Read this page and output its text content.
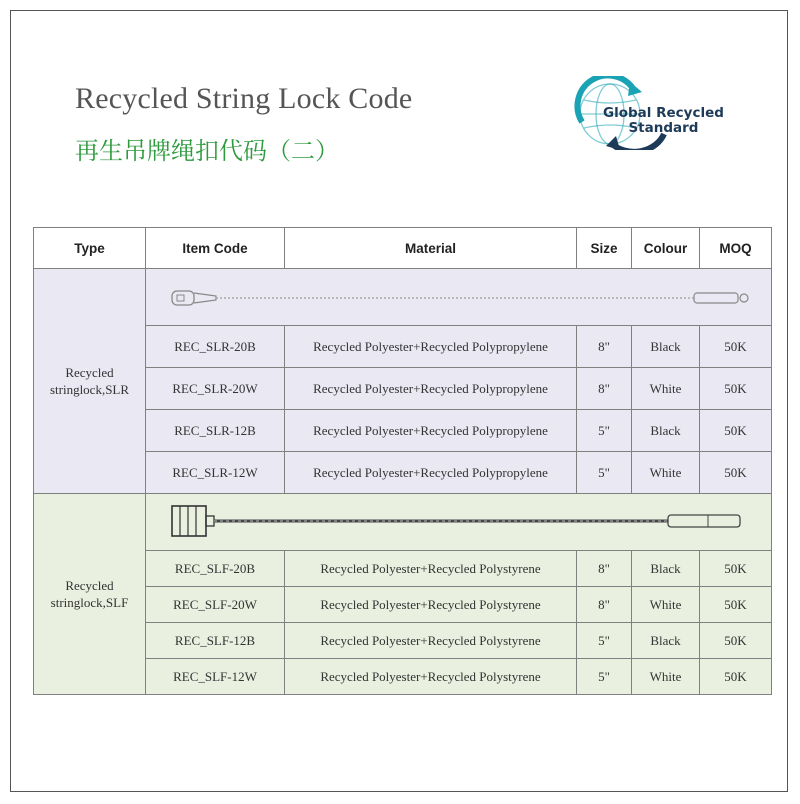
Recycled String Lock Code
再生吊牌绳扣代码（二）
Global Recycled
Standard
Type	Item Code	Material	Size	Colour	MOQ

Recycled
stringlock,SLR

	REC_SLR-20B	Recycled Polyester+Recycled Polypropylene	8"	Black	50K
	REC_SLR-20W	Recycled Polyester+Recycled Polypropylene	8"	White	50K
	REC_SLR-12B	Recycled Polyester+Recycled Polypropylene	5"	Black	50K
	REC_SLR-12W	Recycled Polyester+Recycled Polypropylene	5"	White	50K

Recycled
stringlock,SLF

	REC_SLF-20B	Recycled Polyester+Recycled Polystyrene	8"	Black	50K
	REC_SLF-20W	Recycled Polyester+Recycled Polystyrene	8"	White	50K
	REC_SLF-12B	Recycled Polyester+Recycled Polystyrene	5"	Black	50K
	REC_SLF-12W	Recycled Polyester+Recycled Polystyrene	5"	White	50K
